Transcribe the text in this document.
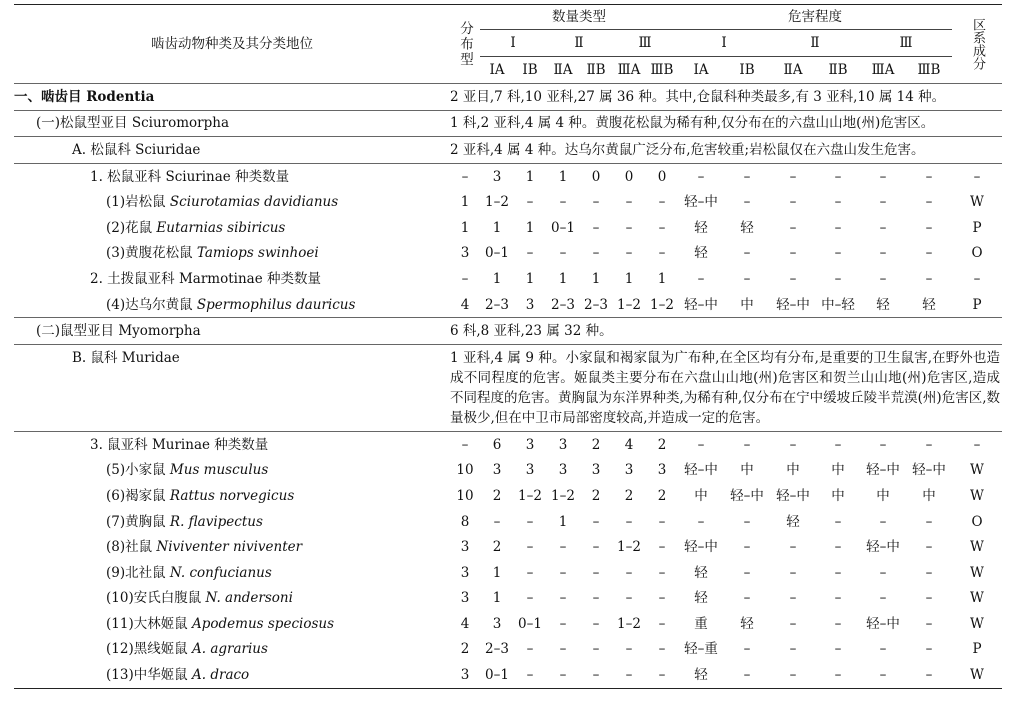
啮齿动物种类及其分类地位	分布型	数量类型						危害程度						区系成分
		Ⅰ		Ⅱ		Ⅲ		Ⅰ		Ⅱ		Ⅲ		
		ⅠA	ⅠB	ⅡA	ⅡB	ⅢA	ⅢB	ⅠA	ⅠB	ⅡA	ⅡB	ⅢA	ⅢB	
一、啮齿目 Rodentia	2 亚目,7 科,10 亚科,27 属 36 种。其中,仓鼠科种类最多,有 3 亚科,10 属 14 种。													
(一)松鼠型亚目 Sciuromorpha	1 科,2 亚科,4 属 4 种。黄腹花松鼠为稀有种,仅分布在的六盘山山地(州)危害区。													
A. 松鼠科 Sciuridae	2 亚科,4 属 4 种。达乌尔黄鼠广泛分布,危害较重;岩松鼠仅在六盘山发生危害。													
1. 松鼠亚科 Sciurinae 种类数量	–	3	1	1	0	0	0	–	–	–	–	–	–	–
(1)岩松鼠 Sciurotamias davidianus	1	1–2	–	–	–	–	–	轻–中	–	–	–	–	–	W
(2)花鼠 Eutarnias sibiricus	1	1	1	0–1	–	–	–	轻	轻	–	–	–	–	P
(3)黄腹花松鼠 Tamiops swinhoei	3	0–1	–	–	–	–	–	轻	–	–	–	–	–	O
2. 土拨鼠亚科 Marmotinae 种类数量	–	1	1	1	1	1	1	–	–	–	–	–	–	–
(4)达乌尔黄鼠 Spermophilus dauricus	4	2–3	3	2–3	2–3	1–2	1–2	轻–中	中	轻–中	中–轻	轻	轻	P
(二)鼠型亚目 Myomorpha	6 科,8 亚科,23 属 32 种。													
B. 鼠科 Muridae	1 亚科,4 属 9 种。小家鼠和褐家鼠为广布种,在全区均有分布,是重要的卫生鼠害,在野外也造成不同程度的危害。姬鼠类主要分布在六盘山山地(州)危害区和贺兰山山地(州)危害区,造成不同程度的危害。黄胸鼠为东洋界种类,为稀有种,仅分布在宁中缓坡丘陵半荒漠(州)危害区,数量极少,但在中卫市局部密度较高,并造成一定的危害。													
3. 鼠亚科 Murinae 种类数量	–	6	3	3	2	4	2	–	–	–	–	–	–	–
(5)小家鼠 Mus musculus	10	3	3	3	3	3	3	轻–中	中	中	中	轻–中	轻–中	W
(6)褐家鼠 Rattus norvegicus	10	2	1–2	1–2	2	2	2	中	轻–中	轻–中	中	中	中	W
(7)黄胸鼠 R. flavipectus	8	–	–	1	–	–	–	–	–	轻	–	–	–	O
(8)社鼠 Niviventer niviventer	3	2	–	–	–	1–2	–	轻–中	–	–	–	轻–中	–	W
(9)北社鼠 N. confucianus	3	1	–	–	–	–	–	轻	–	–	–	–	–	W
(10)安氏白腹鼠 N. andersoni	3	1	–	–	–	–	–	轻	–	–	–	–	–	W
(11)大林姬鼠 Apodemus speciosus	4	3	0–1	–	–	1–2	–	重	轻	–	–	轻–中	–	W
(12)黑线姬鼠 A. agrarius	2	2–3	–	–	–	–	–	轻–重	–	–	–	–	–	P
(13)中华姬鼠 A. draco	3	0–1	–	–	–	–	–	轻	–	–	–	–	–	W
